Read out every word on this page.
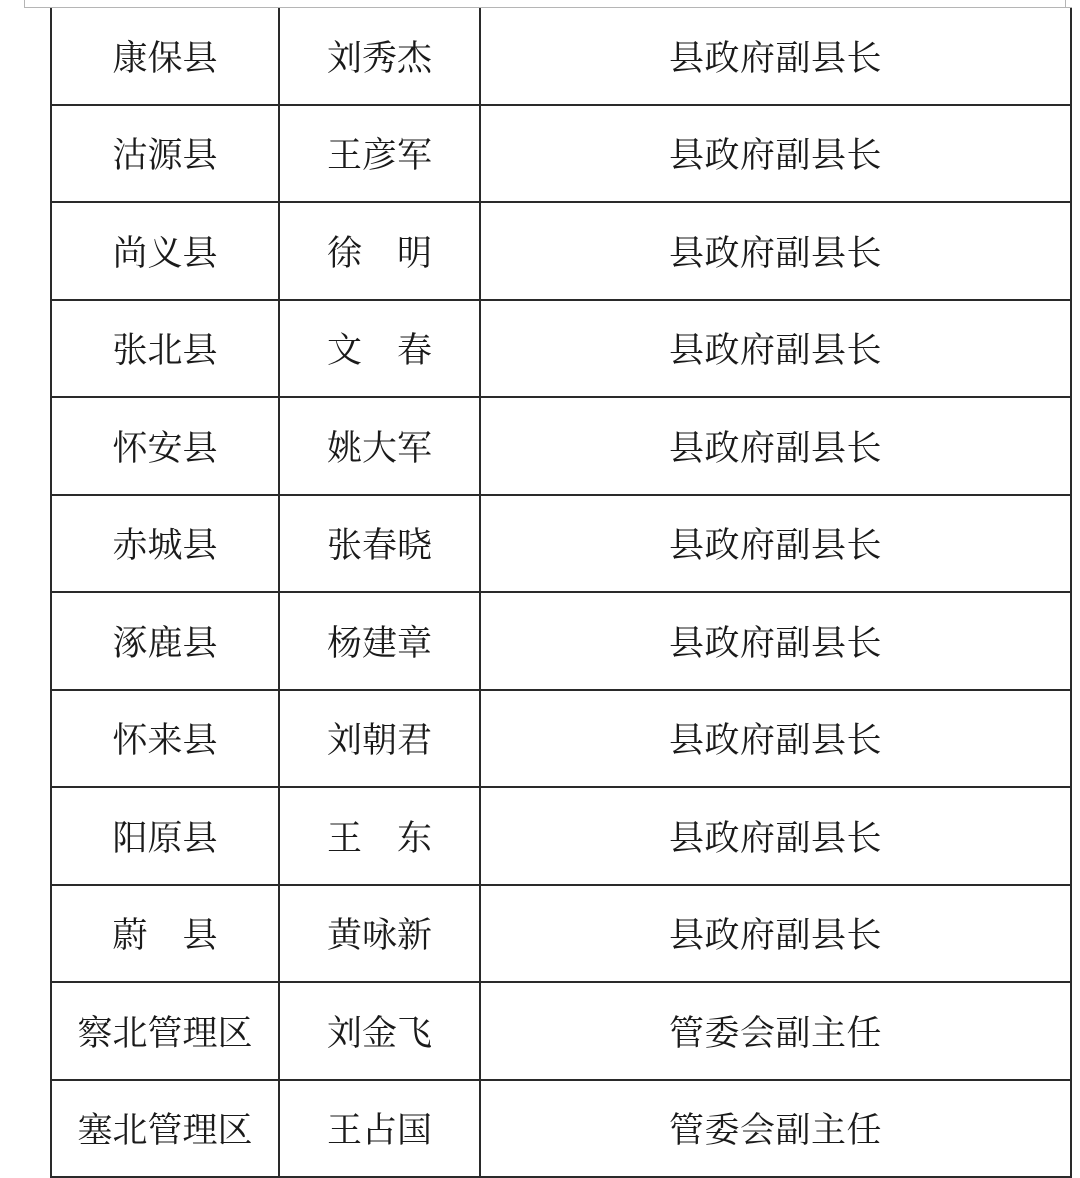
康保县	刘秀杰	县政府副县长
沽源县	王彦军	县政府副县长
尚义县	徐　明	县政府副县长
张北县	文　春	县政府副县长
怀安县	姚大军	县政府副县长
赤城县	张春晓	县政府副县长
涿鹿县	杨建章	县政府副县长
怀来县	刘朝君	县政府副县长
阳原县	王　东	县政府副县长
蔚　县	黄咏新	县政府副县长
察北管理区	刘金飞	管委会副主任
塞北管理区	王占国	管委会副主任
